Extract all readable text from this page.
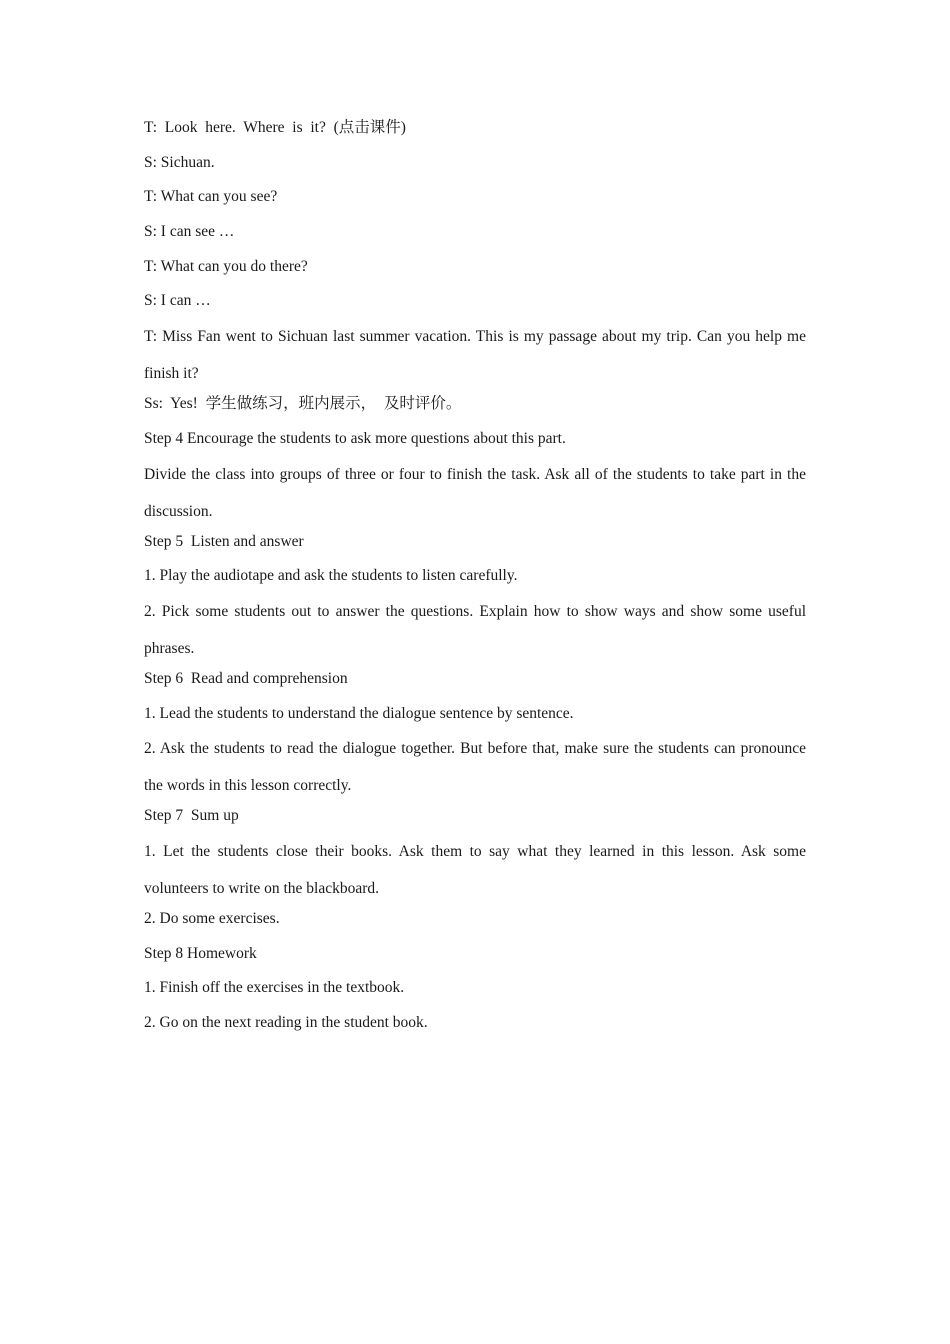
T:  Look  here.  Where  is  it?  (点击课件)
S: Sichuan.
T: What can you see?
S: I can see …
T: What can you do there?
S: I can …

T: Miss Fan went to Sichuan last summer vacation. This is my passage about my trip. Can you help me finish it?

Ss:  Yes!  学生做练习，班内展示，  及时评价。
Step 4 Encourage the students to ask more questions about this part.

Divide the class into groups of three or four to finish the task. Ask all of the students to take part in the discussion.

Step 5  Listen and answer
1. Play the audiotape and ask the students to listen carefully.

2. Pick some students out to answer the questions. Explain how to show ways and show some useful phrases.

Step 6  Read and comprehension
1. Lead the students to understand the dialogue sentence by sentence.

2. Ask the students to read the dialogue together. But before that, make sure the students can pronounce the words in this lesson correctly.

Step 7  Sum up

1. Let the students close their books. Ask them to say what they learned in this lesson. Ask some volunteers to write on the blackboard.

2. Do some exercises.
Step 8 Homework
1. Finish off the exercises in the textbook.
2. Go on the next reading in the student book.
